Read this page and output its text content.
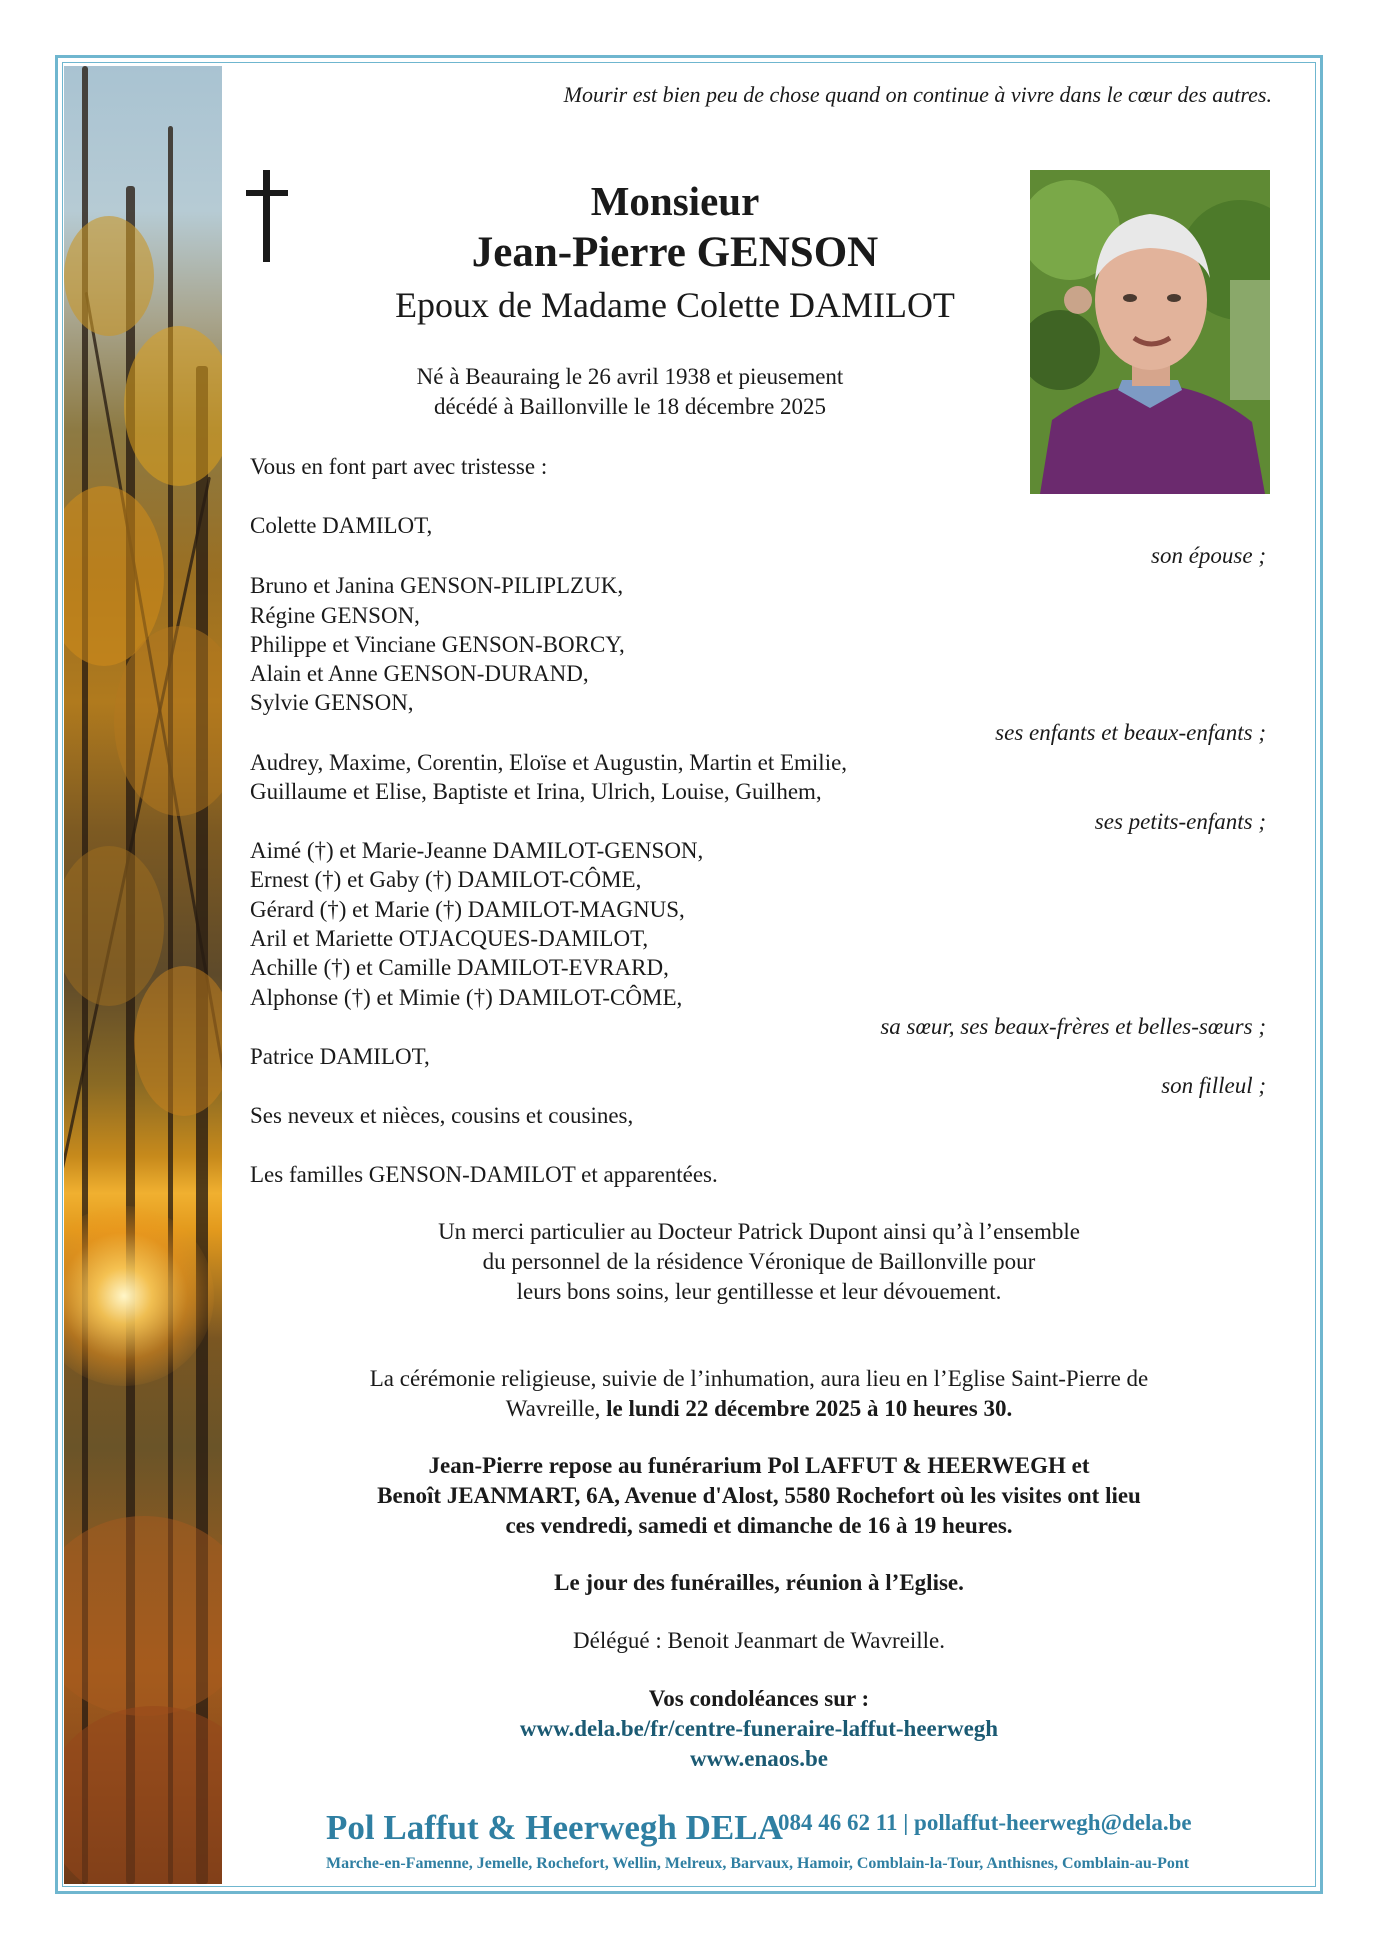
Mourir est bien peu de chose quand on continue à vivre dans le cœur des autres.
Monsieur
Jean-Pierre GENSON
Epoux de Madame Colette DAMILOT
Né à Beauraing le 26 avril 1938 et pieusement
décédé à Baillonville le 18 décembre 2025
Vous en font part avec tristesse :
Colette DAMILOT,
son épouse ;
Bruno et Janina GENSON-PILIPLZUK,
Régine GENSON,
Philippe et Vinciane GENSON-BORCY,
Alain et Anne GENSON-DURAND,
Sylvie GENSON,
ses enfants et beaux-enfants ;
Audrey, Maxime, Corentin, Eloïse et Augustin, Martin et Emilie,
Guillaume et Elise, Baptiste et Irina, Ulrich, Louise, Guilhem,
ses petits-enfants ;
Aimé (†) et Marie-Jeanne DAMILOT-GENSON,
Ernest (†) et Gaby (†) DAMILOT-CÔME,
Gérard (†) et Marie (†) DAMILOT-MAGNUS,
Aril et Mariette OTJACQUES-DAMILOT,
Achille (†) et Camille DAMILOT-EVRARD,
Alphonse (†) et Mimie (†) DAMILOT-CÔME,
sa sœur, ses beaux-frères et belles-sœurs ;
Patrice DAMILOT,
son filleul ;
Ses neveux et nièces, cousins et cousines,
Les familles GENSON-DAMILOT et apparentées.
Un merci particulier au Docteur Patrick Dupont ainsi qu’à l’ensemble
du personnel de la résidence Véronique de Baillonville pour
leurs bons soins, leur gentillesse et leur dévouement.
La cérémonie religieuse, suivie de l’inhumation, aura lieu en l’Eglise Saint-Pierre de
Wavreille, le lundi 22 décembre 2025 à 10 heures 30.
Jean-Pierre repose au funérarium Pol LAFFUT & HEERWEGH et
Benoît JEANMART, 6A, Avenue d'Alost, 5580 Rochefort où les visites ont lieu
ces vendredi, samedi et dimanche de 16 à 19 heures.
Le jour des funérailles, réunion à l’Eglise.
Délégué : Benoit Jeanmart de Wavreille.
Vos condoléances sur :
www.dela.be/fr/centre-funeraire-laffut-heerwegh
www.enaos.be
Pol Laffut & Heerwegh DELA
084 46 62 11 | pollaffut-heerwegh@dela.be
Marche-en-Famenne, Jemelle, Rochefort, Wellin, Melreux, Barvaux, Hamoir, Comblain-la-Tour, Anthisnes, Comblain-au-Pont
